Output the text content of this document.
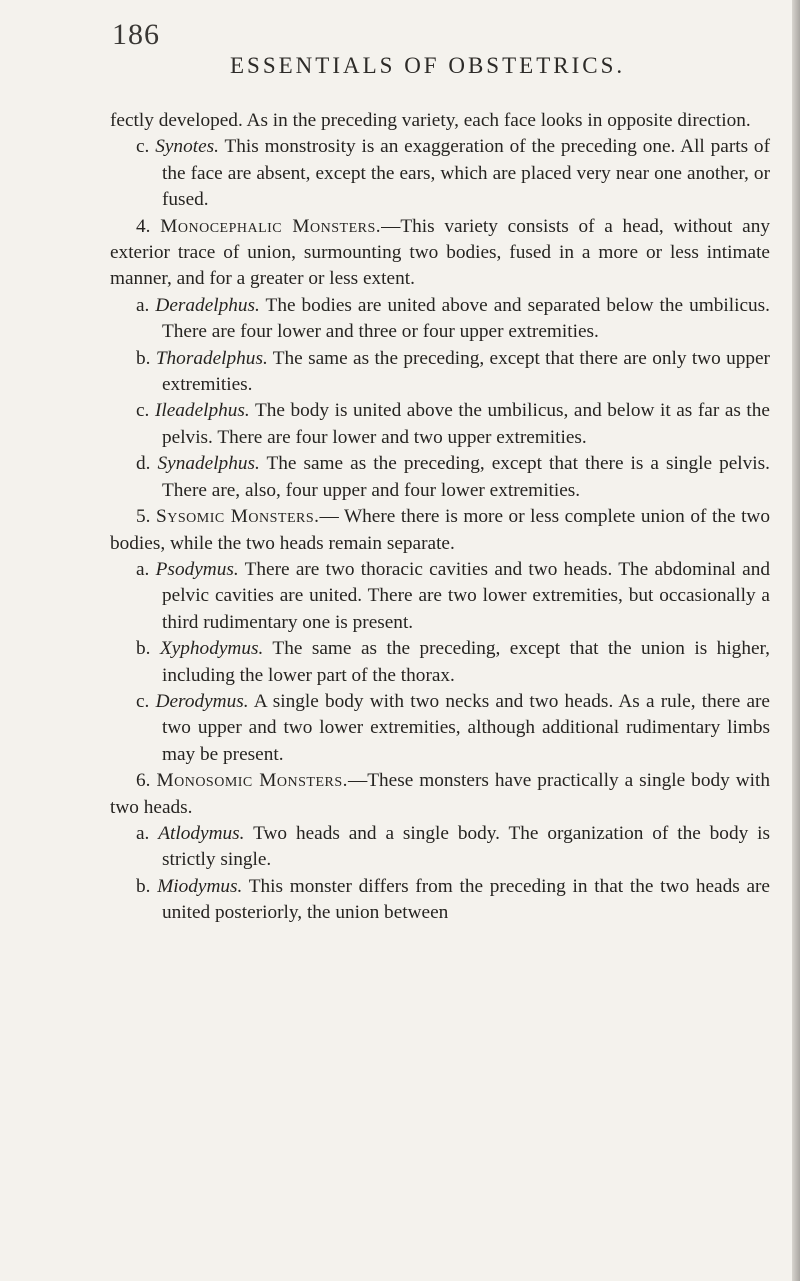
186
ESSENTIALS OF OBSTETRICS.

fectly developed. As in the preceding variety, each face looks in opposite direction.

c. Synotes. This monstrosity is an exaggeration of the preceding one. All parts of the face are absent, except the ears, which are placed very near one another, or fused.

4. Monocephalic Monsters.—This variety consists of a head, without any exterior trace of union, surmounting two bodies, fused in a more or less intimate manner, and for a greater or less extent.

a. Deradelphus. The bodies are united above and separated below the umbilicus. There are four lower and three or four upper extremities.

b. Thoradelphus. The same as the preceding, except that there are only two upper extremities.

c. Ileadelphus. The body is united above the umbilicus, and below it as far as the pelvis. There are four lower and two upper extremities.

d. Synadelphus. The same as the preceding, except that there is a single pelvis. There are, also, four upper and four lower extremities.

5. Sysomic Monsters.— Where there is more or less complete union of the two bodies, while the two heads remain separate.

a. Psodymus. There are two thoracic cavities and two heads. The abdominal and pelvic cavities are united. There are two lower extremities, but occasionally a third rudimentary one is present.

b. Xyphodymus. The same as the preceding, except that the union is higher, including the lower part of the thorax.

c. Derodymus. A single body with two necks and two heads. As a rule, there are two upper and two lower extremities, although additional rudimentary limbs may be present.

6. Monosomic Monsters.—These monsters have practically a single body with two heads.

a. Atlodymus. Two heads and a single body. The organization of the body is strictly single.

b. Miodymus. This monster differs from the preceding in that the two heads are united posteriorly, the union between
